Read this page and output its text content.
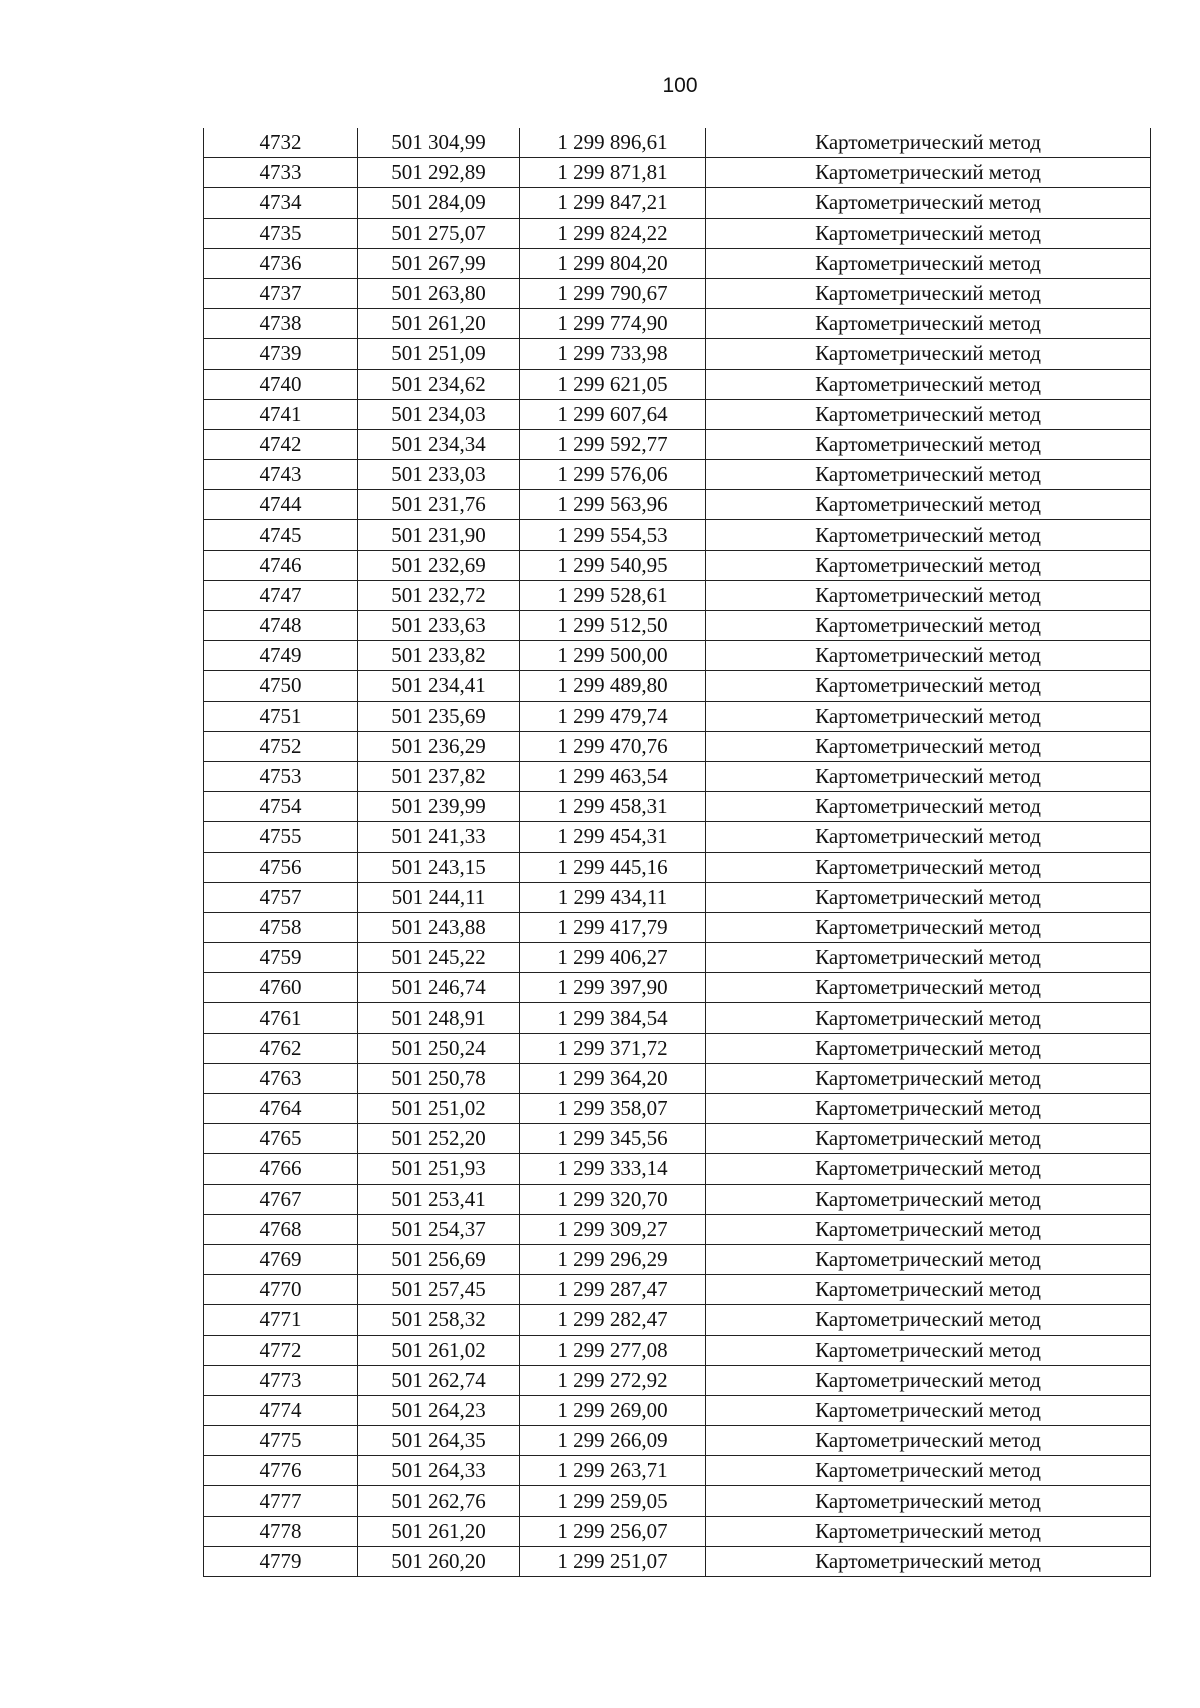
100
4732	501 304,99	1 299 896,61	Картометрический метод
4733	501 292,89	1 299 871,81	Картометрический метод
4734	501 284,09	1 299 847,21	Картометрический метод
4735	501 275,07	1 299 824,22	Картометрический метод
4736	501 267,99	1 299 804,20	Картометрический метод
4737	501 263,80	1 299 790,67	Картометрический метод
4738	501 261,20	1 299 774,90	Картометрический метод
4739	501 251,09	1 299 733,98	Картометрический метод
4740	501 234,62	1 299 621,05	Картометрический метод
4741	501 234,03	1 299 607,64	Картометрический метод
4742	501 234,34	1 299 592,77	Картометрический метод
4743	501 233,03	1 299 576,06	Картометрический метод
4744	501 231,76	1 299 563,96	Картометрический метод
4745	501 231,90	1 299 554,53	Картометрический метод
4746	501 232,69	1 299 540,95	Картометрический метод
4747	501 232,72	1 299 528,61	Картометрический метод
4748	501 233,63	1 299 512,50	Картометрический метод
4749	501 233,82	1 299 500,00	Картометрический метод
4750	501 234,41	1 299 489,80	Картометрический метод
4751	501 235,69	1 299 479,74	Картометрический метод
4752	501 236,29	1 299 470,76	Картометрический метод
4753	501 237,82	1 299 463,54	Картометрический метод
4754	501 239,99	1 299 458,31	Картометрический метод
4755	501 241,33	1 299 454,31	Картометрический метод
4756	501 243,15	1 299 445,16	Картометрический метод
4757	501 244,11	1 299 434,11	Картометрический метод
4758	501 243,88	1 299 417,79	Картометрический метод
4759	501 245,22	1 299 406,27	Картометрический метод
4760	501 246,74	1 299 397,90	Картометрический метод
4761	501 248,91	1 299 384,54	Картометрический метод
4762	501 250,24	1 299 371,72	Картометрический метод
4763	501 250,78	1 299 364,20	Картометрический метод
4764	501 251,02	1 299 358,07	Картометрический метод
4765	501 252,20	1 299 345,56	Картометрический метод
4766	501 251,93	1 299 333,14	Картометрический метод
4767	501 253,41	1 299 320,70	Картометрический метод
4768	501 254,37	1 299 309,27	Картометрический метод
4769	501 256,69	1 299 296,29	Картометрический метод
4770	501 257,45	1 299 287,47	Картометрический метод
4771	501 258,32	1 299 282,47	Картометрический метод
4772	501 261,02	1 299 277,08	Картометрический метод
4773	501 262,74	1 299 272,92	Картометрический метод
4774	501 264,23	1 299 269,00	Картометрический метод
4775	501 264,35	1 299 266,09	Картометрический метод
4776	501 264,33	1 299 263,71	Картометрический метод
4777	501 262,76	1 299 259,05	Картометрический метод
4778	501 261,20	1 299 256,07	Картометрический метод
4779	501 260,20	1 299 251,07	Картометрический метод
